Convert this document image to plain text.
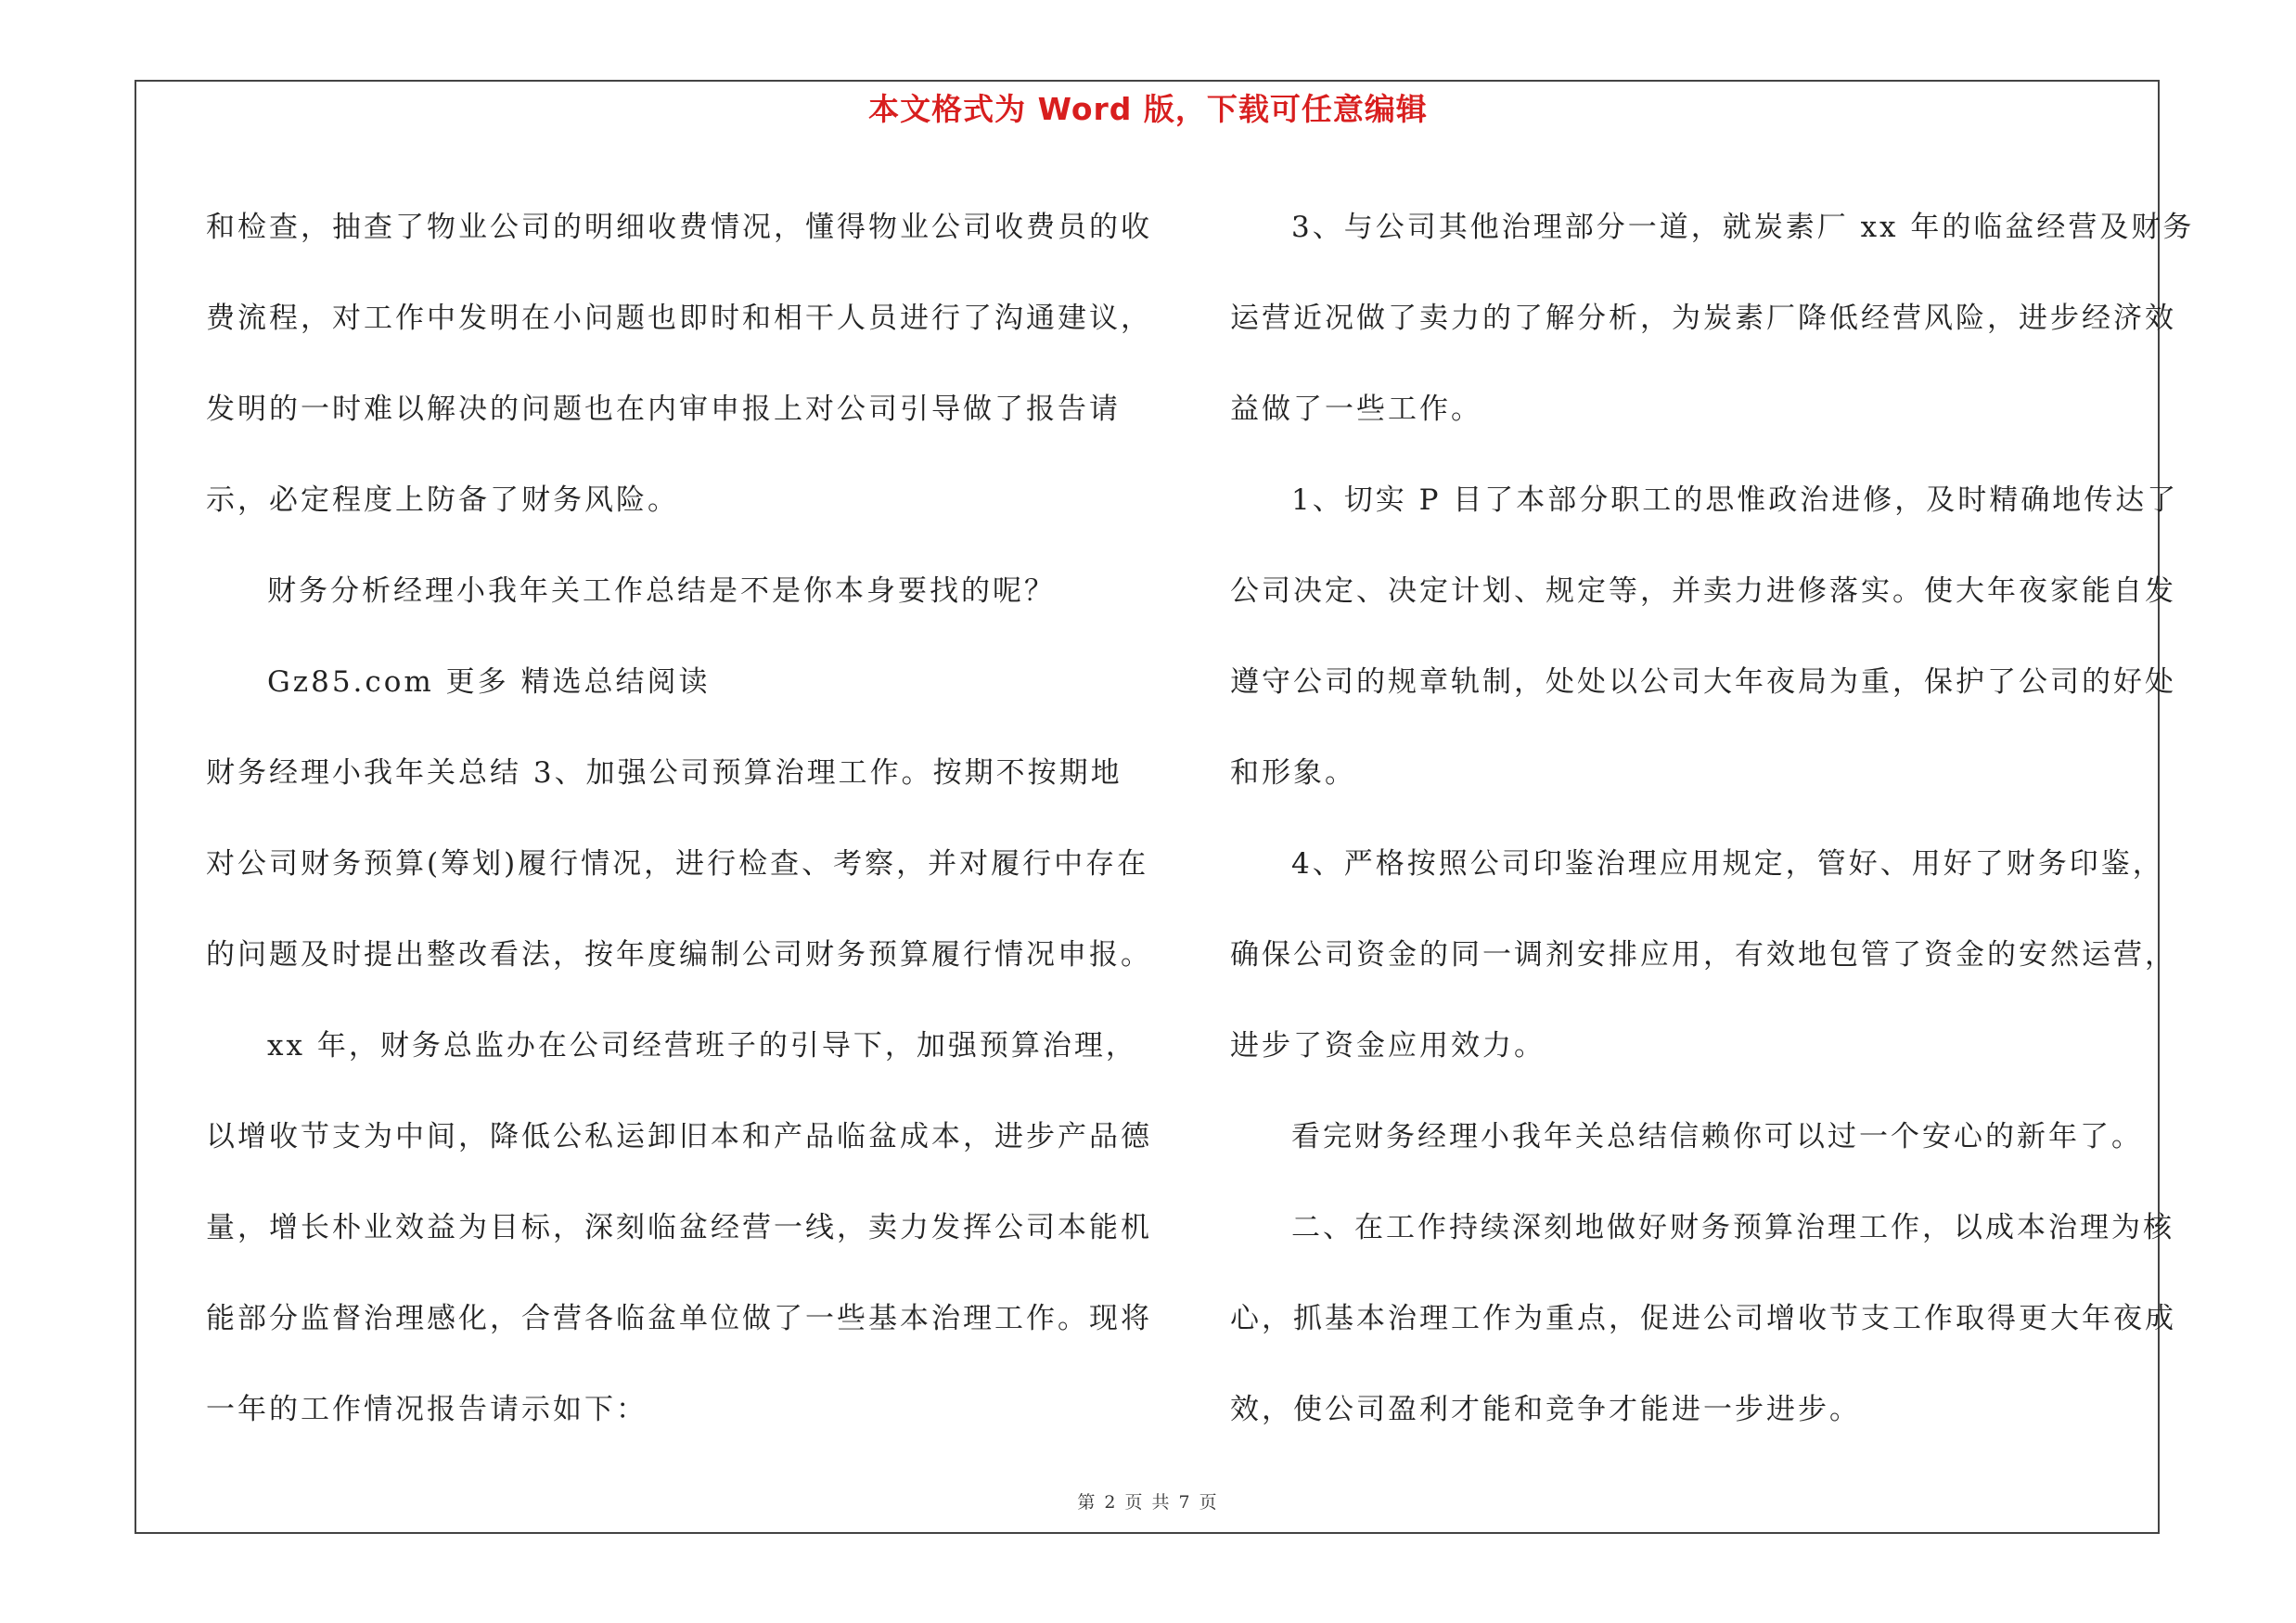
本文格式为 Word 版，下载可任意编辑
和检查，抽查了物业公司的明细收费情况，懂得物业公司收费员的收
费流程，对工作中发明在小问题也即时和相干人员进行了沟通建议，
发明的一时难以解决的问题也在内审申报上对公司引导做了报告请
示，必定程度上防备了财务风险。
财务分析经理小我年关工作总结是不是你本身要找的呢？
Gz85.com 更多 精选总结阅读
财务经理小我年关总结 3、加强公司预算治理工作。按期不按期地
对公司财务预算(筹划)履行情况，进行检查、考察，并对履行中存在
的问题及时提出整改看法，按年度编制公司财务预算履行情况申报。
xx 年，财务总监办在公司经营班子的引导下，加强预算治理，
以增收节支为中间，降低公私运卸旧本和产品临盆成本，进步产品德
量，增长朴业效益为目标，深刻临盆经营一线，卖力发挥公司本能机
能部分监督治理感化，合营各临盆单位做了一些基本治理工作。现将
一年的工作情况报告请示如下：
3、与公司其他治理部分一道，就炭素厂 xx 年的临盆经营及财务
运营近况做了卖力的了解分析，为炭素厂降低经营风险，进步经济效
益做了一些工作。
1、切实 P 目了本部分职工的思惟政治进修，及时精确地传达了
公司决定、决定计划、规定等，并卖力进修落实。使大年夜家能自发
遵守公司的规章轨制，处处以公司大年夜局为重，保护了公司的好处
和形象。
4、严格按照公司印鉴治理应用规定，管好、用好了财务印鉴，
确保公司资金的同一调剂安排应用，有效地包管了资金的安然运营，
进步了资金应用效力。
看完财务经理小我年关总结信赖你可以过一个安心的新年了。
二、在工作持续深刻地做好财务预算治理工作，以成本治理为核
心，抓基本治理工作为重点，促进公司增收节支工作取得更大年夜成
效，使公司盈利才能和竞争才能进一步进步。
第 2 页 共 7 页
